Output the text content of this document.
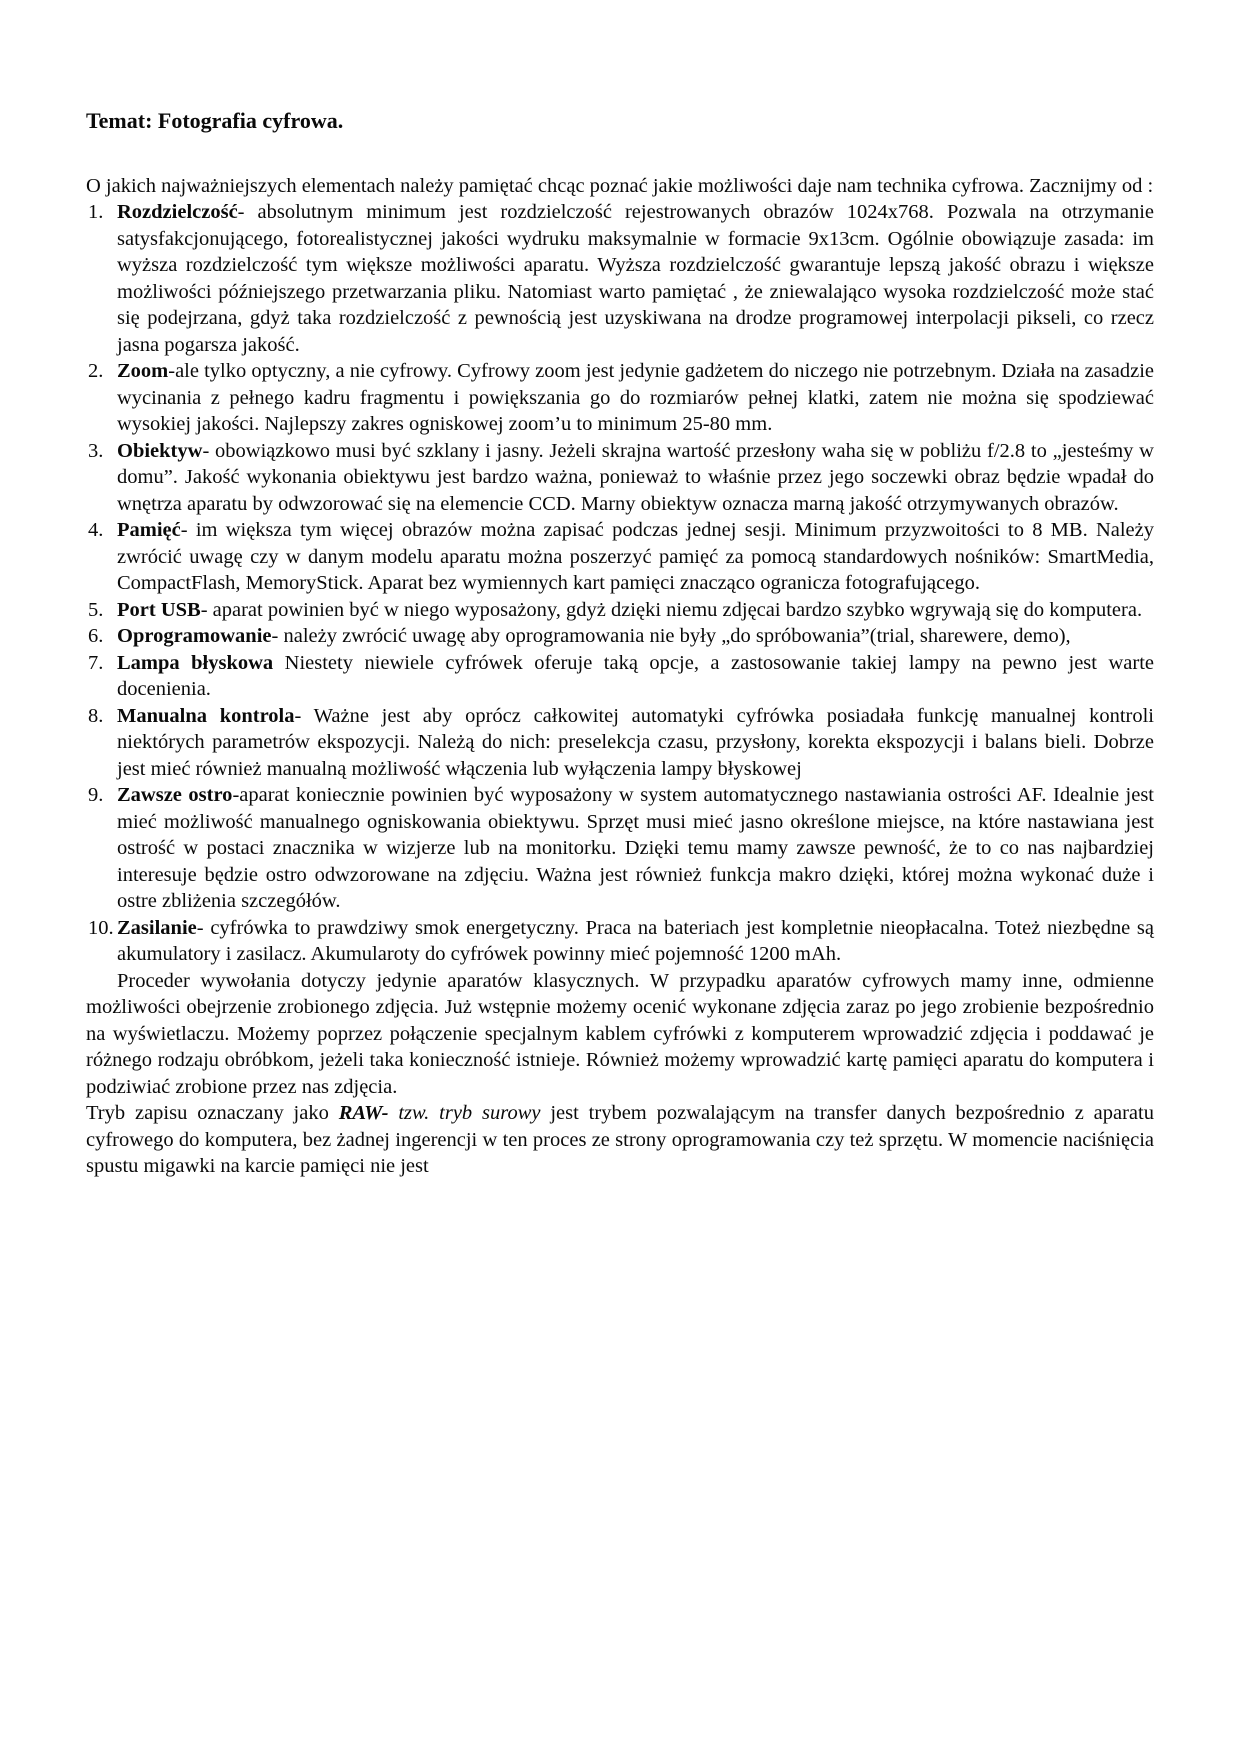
Temat: Fotografia cyfrowa.

O jakich najważniejszych elementach należy pamiętać chcąc poznać jakie możliwości daje nam technika cyfrowa. Zacznijmy od :

1. Rozdzielczość- absolutnym minimum jest rozdzielczość rejestrowanych obrazów 1024x768. Pozwala na otrzymanie satysfakcjonującego, fotorealistycznej jakości wydruku maksymalnie w formacie 9x13cm. Ogólnie obowiązuje zasada: im wyższa rozdzielczość tym większe możliwości aparatu. Wyższa rozdzielczość gwarantuje lepszą jakość obrazu i większe możliwości późniejszego przetwarzania pliku. Natomiast warto pamiętać , że zniewalająco wysoka rozdzielczość może stać się podejrzana, gdyż taka rozdzielczość z pewnością jest uzyskiwana na drodze programowej interpolacji pikseli, co rzecz jasna pogarsza jakość.
2. Zoom-ale tylko optyczny, a nie cyfrowy. Cyfrowy zoom jest jedynie gadżetem do niczego nie potrzebnym. Działa na zasadzie wycinania z pełnego kadru fragmentu i powiększania go do rozmiarów pełnej klatki, zatem nie można się spodziewać wysokiej jakości. Najlepszy zakres ogniskowej zoom’u to minimum 25-80 mm.
3. Obiektyw- obowiązkowo musi być szklany i jasny. Jeżeli skrajna wartość przesłony waha się w pobliżu f/2.8 to „jesteśmy w domu”. Jakość wykonania obiektywu jest bardzo ważna, ponieważ to właśnie przez jego soczewki obraz będzie wpadał do wnętrza aparatu by odwzorować się na elemencie CCD. Marny obiektyw oznacza marną jakość otrzymywanych obrazów.
4. Pamięć- im większa tym więcej obrazów można zapisać podczas jednej sesji. Minimum przyzwoitości to 8 MB. Należy zwrócić uwagę czy w danym modelu aparatu można poszerzyć pamięć za pomocą standardowych nośników: SmartMedia, CompactFlash, MemoryStick. Aparat bez wymiennych kart pamięci znacząco ogranicza fotografującego.
5. Port USB- aparat powinien być w niego wyposażony, gdyż dzięki niemu zdjęcai bardzo szybko wgrywają się do komputera.
6. Oprogramowanie- należy zwrócić uwagę aby oprogramowania nie były „do spróbowania”(trial, sharewere, demo),
7. Lampa błyskowa Niestety niewiele cyfrówek oferuje taką opcje, a zastosowanie takiej lampy na pewno jest warte docenienia.
8. Manualna kontrola- Ważne jest aby oprócz całkowitej automatyki cyfrówka posiadała funkcję manualnej kontroli niektórych parametrów ekspozycji. Należą do nich: preselekcja czasu, przysłony, korekta ekspozycji i balans bieli. Dobrze jest mieć również manualną możliwość włączenia lub wyłączenia lampy błyskowej
9. Zawsze ostro-aparat koniecznie powinien być wyposażony w system automatycznego nastawiania ostrości AF. Idealnie jest mieć możliwość manualnego ogniskowania obiektywu. Sprzęt musi mieć jasno określone miejsce, na które nastawiana jest ostrość w postaci znacznika w wizjerze lub na monitorku. Dzięki temu mamy zawsze pewność, że to co nas najbardziej interesuje będzie ostro odwzorowane na zdjęciu. Ważna jest również funkcja makro dzięki, której można wykonać duże i ostre zbliżenia szczegółów.
10. Zasilanie- cyfrówka to prawdziwy smok energetyczny. Praca na bateriach jest kompletnie nieopłacalna. Toteż niezbędne są akumulatory i zasilacz. Akumularoty do cyfrówek powinny mieć pojemność 1200 mAh.

Proceder wywołania dotyczy jedynie aparatów klasycznych. W przypadku aparatów cyfrowych mamy inne, odmienne możliwości obejrzenie zrobionego zdjęcia. Już wstępnie możemy ocenić wykonane zdjęcia zaraz po jego zrobienie bezpośrednio na wyświetlaczu. Możemy poprzez połączenie specjalnym kablem cyfrówki z komputerem wprowadzić zdjęcia i poddawać je różnego rodzaju obróbkom, jeżeli taka konieczność istnieje. Również możemy wprowadzić kartę pamięci aparatu do komputera i podziwiać zrobione przez nas zdjęcia.

Tryb zapisu oznaczany jako RAW- tzw. tryb surowy jest trybem pozwalającym na transfer danych bezpośrednio z aparatu cyfrowego do komputera, bez żadnej ingerencji w ten proces ze strony oprogramowania czy też sprzętu. W momencie naciśnięcia spustu migawki na karcie pamięci nie jest
